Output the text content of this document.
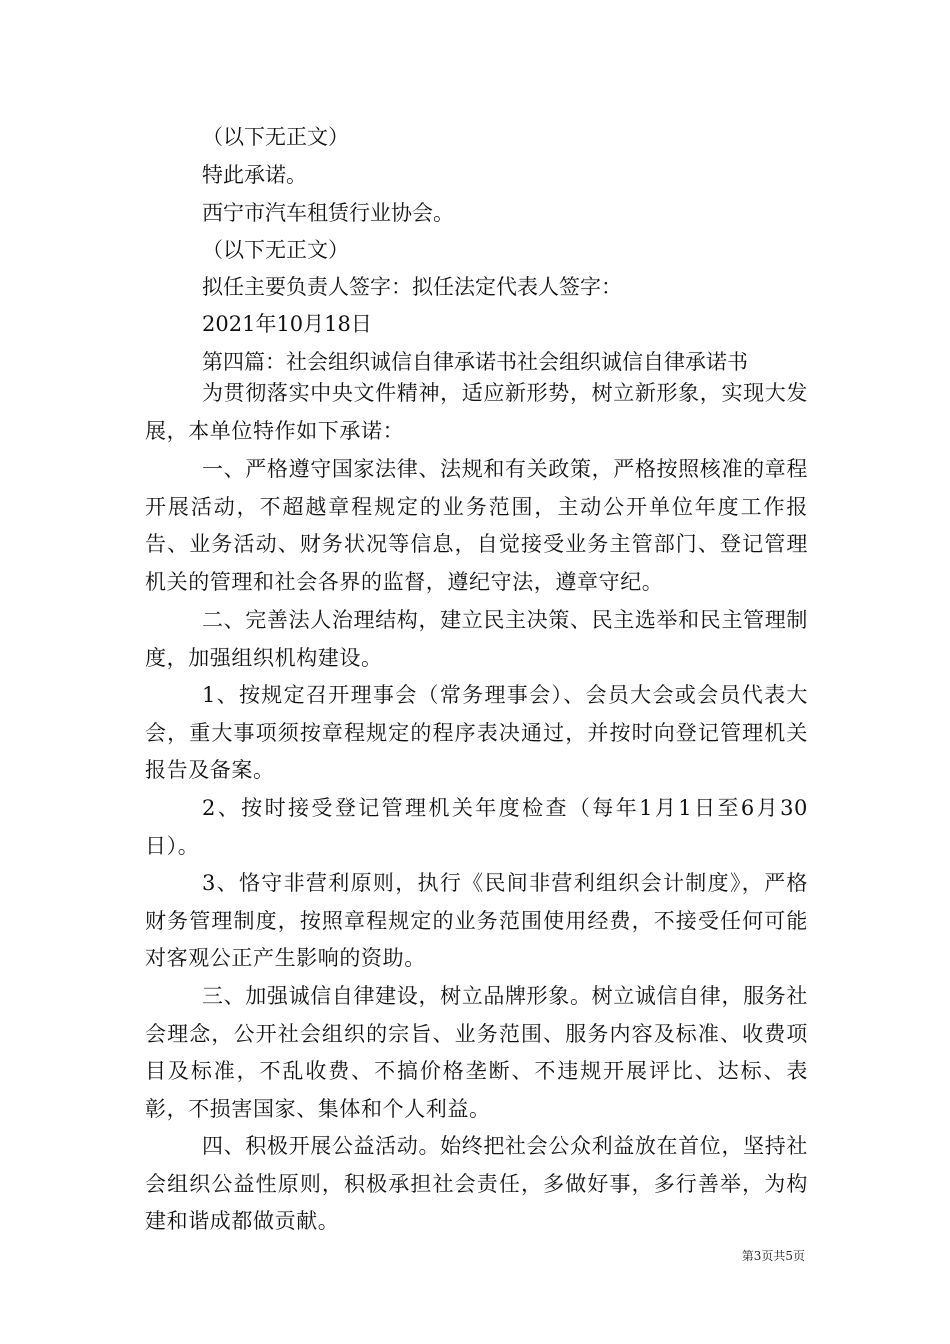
（以下无正文）
特此承诺。
西宁市汽车租赁行业协会。
（以下无正文）
拟任主要负责人签字：拟任法定代表人签字：
2021年10月18日
第四篇：社会组织诚信自律承诺书社会组织诚信自律承诺书
为贯彻落实中央文件精神，适应新形势，树立新形象，实现大发展，本单位特作如下承诺：
一、严格遵守国家法律、法规和有关政策，严格按照核准的章程开展活动，不超越章程规定的业务范围，主动公开单位年度工作报告、业务活动、财务状况等信息，自觉接受业务主管部门、登记管理机关的管理和社会各界的监督，遵纪守法，遵章守纪。
二、完善法人治理结构，建立民主决策、民主选举和民主管理制度，加强组织机构建设。
1、按规定召开理事会（常务理事会）、会员大会或会员代表大会，重大事项须按章程规定的程序表决通过，并按时向登记管理机关报告及备案。
2、按时接受登记管理机关年度检查（每年1月1日至6月30日）。
3、恪守非营利原则，执行《民间非营利组织会计制度》，严格财务管理制度，按照章程规定的业务范围使用经费，不接受任何可能对客观公正产生影响的资助。
三、加强诚信自律建设，树立品牌形象。树立诚信自律，服务社会理念，公开社会组织的宗旨、业务范围、服务内容及标准、收费项目及标准，不乱收费、不搞价格垄断、不违规开展评比、达标、表彰，不损害国家、集体和个人利益。
四、积极开展公益活动。始终把社会公众利益放在首位，坚持社会组织公益性原则，积极承担社会责任，多做好事，多行善举，为构建和谐成都做贡献。
第3页共5页
